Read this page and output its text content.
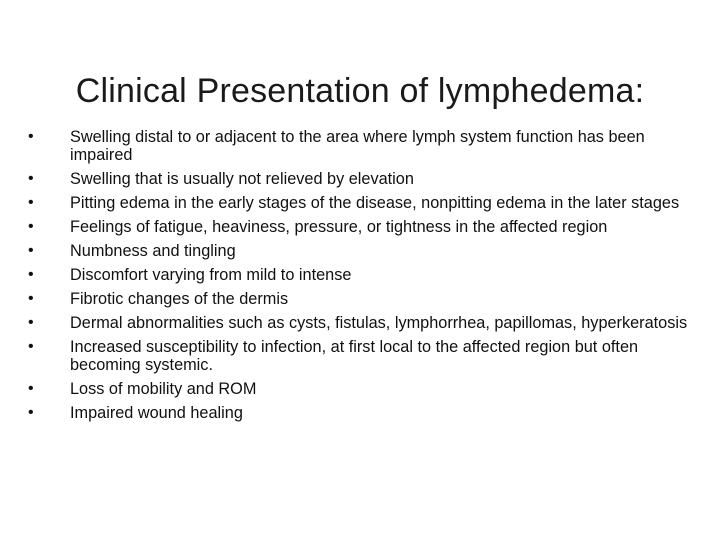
Clinical Presentation of lymphedema:
•	Swelling distal to or adjacent to the area where lymph system function has been impaired
•	Swelling that is usually not relieved by elevation
•	Pitting edema in the early stages of the disease, nonpitting edema in the later stages
•	Feelings of fatigue, heaviness, pressure, or tightness in the affected region
•	Numbness and tingling
•	Discomfort varying from mild to intense
•	Fibrotic changes of the dermis
•	Dermal abnormalities such as cysts, fistulas, lymphorrhea, papillomas, hyperkeratosis
•	Increased susceptibility to infection, at first local to the affected region but often becoming systemic.
•	Loss of mobility and ROM
•	Impaired wound healing
